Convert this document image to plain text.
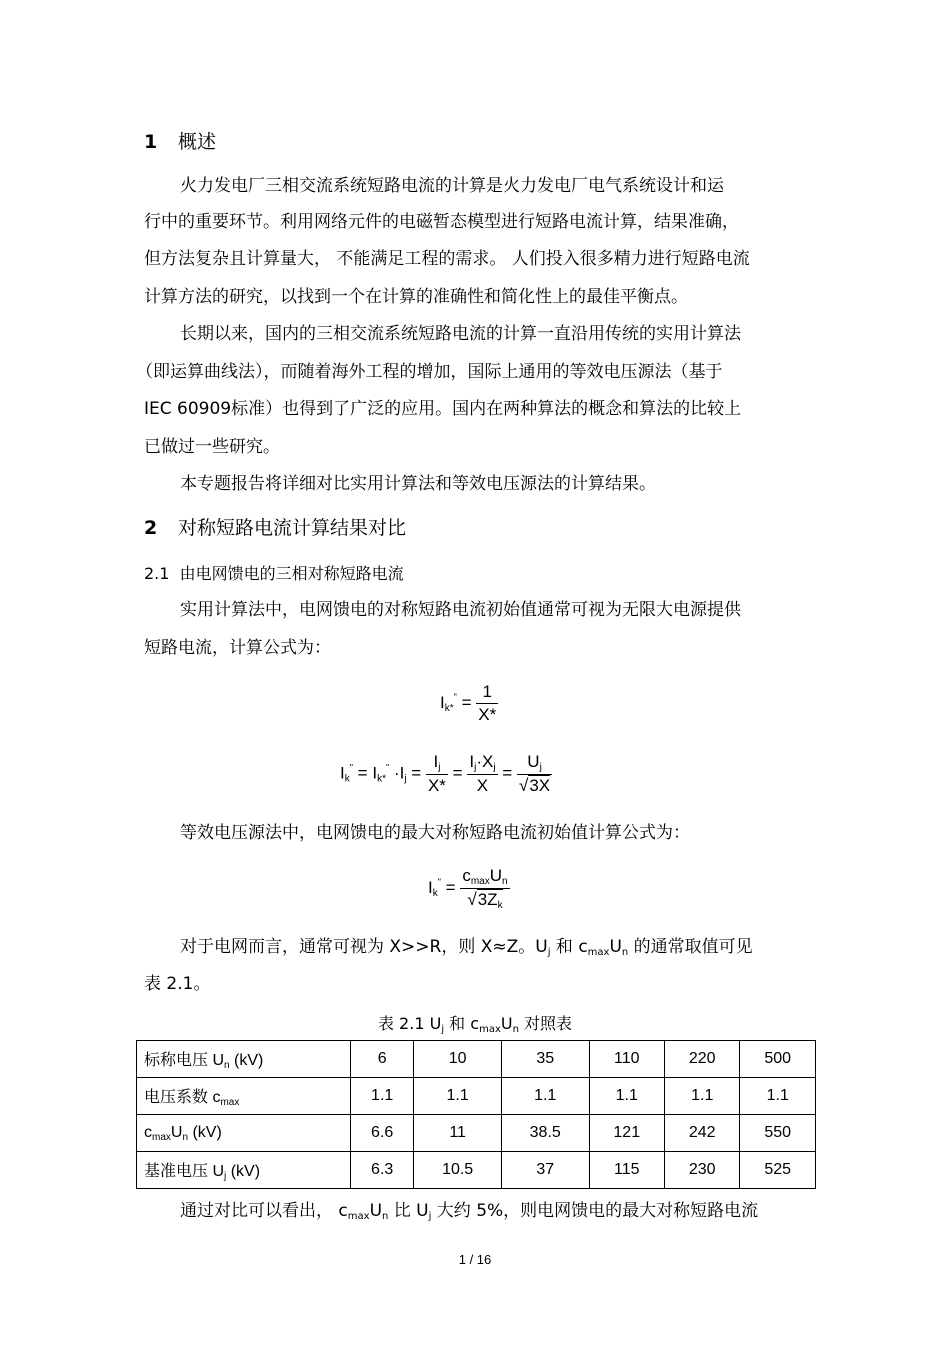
1 概述
火力发电厂三相交流系统短路电流的计算是火力发电厂电气系统设计和运
行中的重要环节。利用网络元件的电磁暂态模型进行短路电流计算，结果准确，
但方法复杂且计算量大， 不能满足工程的需求。 人们投入很多精力进行短路电流
计算方法的研究，以找到一个在计算的准确性和简化性上的最佳平衡点。
长期以来，国内的三相交流系统短路电流的计算一直沿用传统的实用计算法
（即运算曲线法），而随着海外工程的增加，国际上通用的等效电压源法（基于
IEC 60909标准）也得到了广泛的应用。国内在两种算法的概念和算法的比较上
已做过一些研究。
本专题报告将详细对比实用计算法和等效电压源法的计算结果。
2 对称短路电流计算结果对比
2.1 由电网馈电的三相对称短路电流
实用计算法中，电网馈电的对称短路电流初始值通常可视为无限大电源提供
短路电流，计算公式为：
$I_{k*}^" = \frac{1}{X*}$
$I_k^" = I_{k*}^" \cdot I_j = \frac{I_j}{X*} = \frac{I_j\cdot X_j}{X} = \frac{U_j}{√3X}$
等效电压源法中，电网馈电的最大对称短路电流初始值计算公式为：
$I_k^" = \frac{c_{max}U_n}{√3Z_k}$
对于电网而言，通常可视为 X>>R，则 X≈Z。$U_j$ 和 $c_{max}U_n$ 的通常取值可见
表 2.1。
表 2.1 $U_j$ 和 $c_{max}U_n$ 对照表
标称电压 $U_n$ (kV)	6	10	35	110	220	500
电压系数 $c_{max}$	1.1	1.1	1.1	1.1	1.1	1.1
$c_{max}U_n$ (kV)	6.6	11	38.5	121	242	550
基准电压 $U_j$ (kV)	6.3	10.5	37	115	230	525
通过对比可以看出， $c_{max}U_n$ 比 $U_j$ 大约 5%，则电网馈电的最大对称短路电流
1 / 16
